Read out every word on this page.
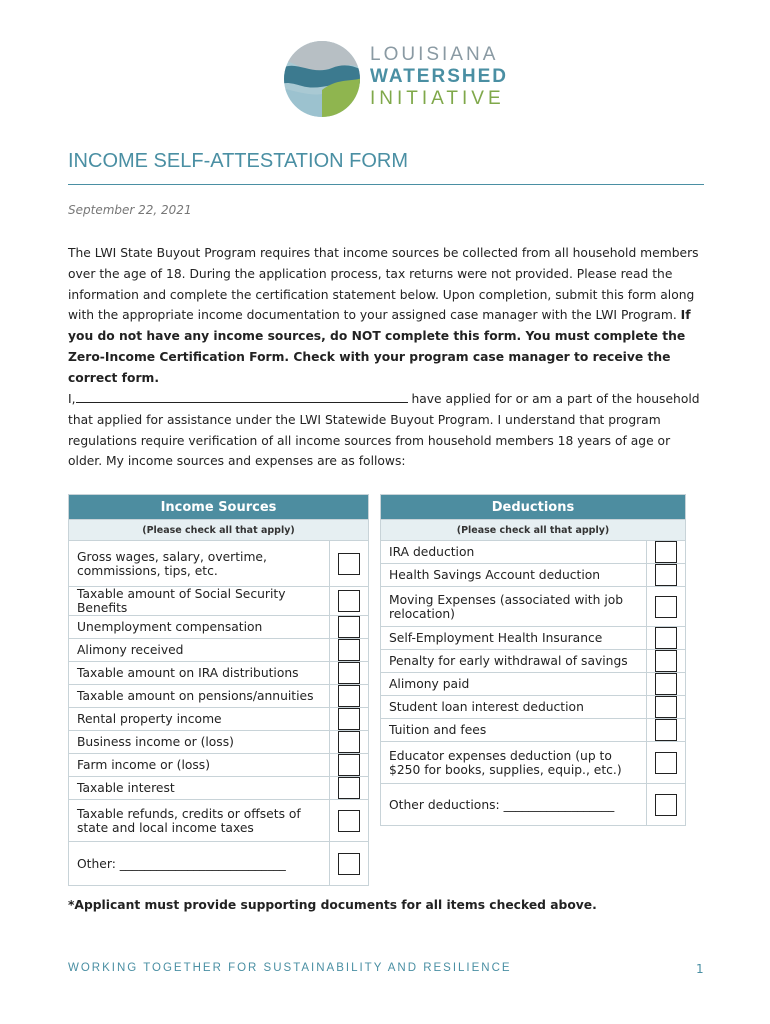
LOUISIANA
WATERSHED
INITIATIVE
INCOME SELF-ATTESTATION FORM
September 22, 2021
The LWI State Buyout Program requires that income sources be collected from all household members over the age of 18. During the application process, tax returns were not provided. Please read the information and complete the certification statement below. Upon completion, submit this form along with the appropriate income documentation to your assigned case manager with the LWI Program. If you do not have any income sources, do NOT complete this form. You must complete the Zero-Income Certification Form. Check with your program case manager to receive the correct form.
I,	have applied for or am a part of the household that applied for assistance under the LWI Statewide Buyout Program. I understand that program regulations require verification of all income sources from household members 18 years of age or older. My income sources and expenses are as follows:
Income Sources	
(Please check all that apply)	
Gross wages, salary, overtime, commissions, tips, etc.	
Taxable amount of Social Security Benefits	
Unemployment compensation	
Alimony received	
Taxable amount on IRA distributions	
Taxable amount on pensions/annuities	
Rental property income	
Business income or (loss)	
Farm income or (loss)	
Taxable interest	
Taxable refunds, credits or offsets of state and local income taxes	
Other: ___________________________	
Deductions	
(Please check all that apply)	
IRA deduction	
Health Savings Account deduction	
Moving Expenses (associated with job relocation)	
Self-Employment Health Insurance	
Penalty for early withdrawal of savings	
Alimony paid	
Student loan interest deduction	
Tuition and fees	
Educator expenses deduction (up to $250 for books, supplies, equip., etc.)	
Other deductions: __________________	
*Applicant must provide supporting documents for all items checked above.
WORKING TOGETHER FOR SUSTAINABILITY AND RESILIENCE	1
